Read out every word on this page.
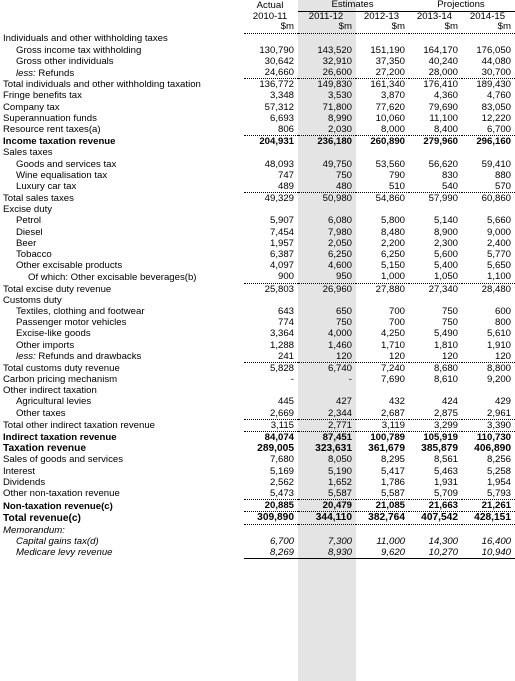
	Actual	Estimates		Projections	
	2010-11	2011-12	2012-13	2013-14	2014-15
	$m	$m	$m	$m	$m
Individuals and other withholding taxes					
Gross income tax withholding	130,790	143,520	151,190	164,170	176,050
Gross other individuals	30,642	32,910	37,350	40,240	44,080
less: Refunds	24,660	26,600	27,200	28,000	30,700
Total individuals and other withholding taxation	136,772	149,830	161,340	176,410	189,430
Fringe benefits tax	3,348	3,530	3,870	4,360	4,760
Company tax	57,312	71,800	77,620	79,690	83,050
Superannuation funds	6,693	8,990	10,060	11,100	12,220
Resource rent taxes(a)	806	2,030	8,000	8,400	6,700
Income taxation revenue	204,931	236,180	260,890	279,960	296,160
Sales taxes					
Goods and services tax	48,093	49,750	53,560	56,620	59,410
Wine equalisation tax	747	750	790	830	880
Luxury car tax	489	480	510	540	570
Total sales taxes	49,329	50,980	54,860	57,990	60,860
Excise duty					
Petrol	5,907	6,080	5,800	5,140	5,660
Diesel	7,454	7,980	8,480	8,900	9,000
Beer	1,957	2,050	2,200	2,300	2,400
Tobacco	6,387	6,250	6,250	5,600	5,770
Other excisable products	4,097	4,600	5,150	5,400	5,650
Of which: Other excisable beverages(b)	900	950	1,000	1,050	1,100
Total excise duty revenue	25,803	26,960	27,880	27,340	28,480
Customs duty					
Textiles, clothing and footwear	643	650	700	750	600
Passenger motor vehicles	774	750	700	750	800
Excise-like goods	3,364	4,000	4,250	5,490	5,610
Other imports	1,288	1,460	1,710	1,810	1,910
less: Refunds and drawbacks	241	120	120	120	120
Total customs duty revenue	5,828	6,740	7,240	8,680	8,800
Carbon pricing mechanism	-	-	7,690	8,610	9,200
Other indirect taxation					
Agricultural levies	445	427	432	424	429
Other taxes	2,669	2,344	2,687	2,875	2,961
Total other indirect taxation revenue	3,115	2,771	3,119	3,299	3,390
Indirect taxation revenue	84,074	87,451	100,789	105,919	110,730
Taxation revenue	289,005	323,631	361,679	385,879	406,890
Sales of goods and services	7,680	8,050	8,295	8,561	8,256
Interest	5,169	5,190	5,417	5,463	5,258
Dividends	2,562	1,652	1,786	1,931	1,954
Other non-taxation revenue	5,473	5,587	5,587	5,709	5,793
Non-taxation revenue(c)	20,885	20,479	21,085	21,663	21,261
Total revenue(c)	309,890	344,110	382,764	407,542	428,151
Memorandum:					
Capital gains tax(d)	6,700	7,300	11,000	14,300	16,400
Medicare levy revenue	8,269	8,930	9,620	10,270	10,940
